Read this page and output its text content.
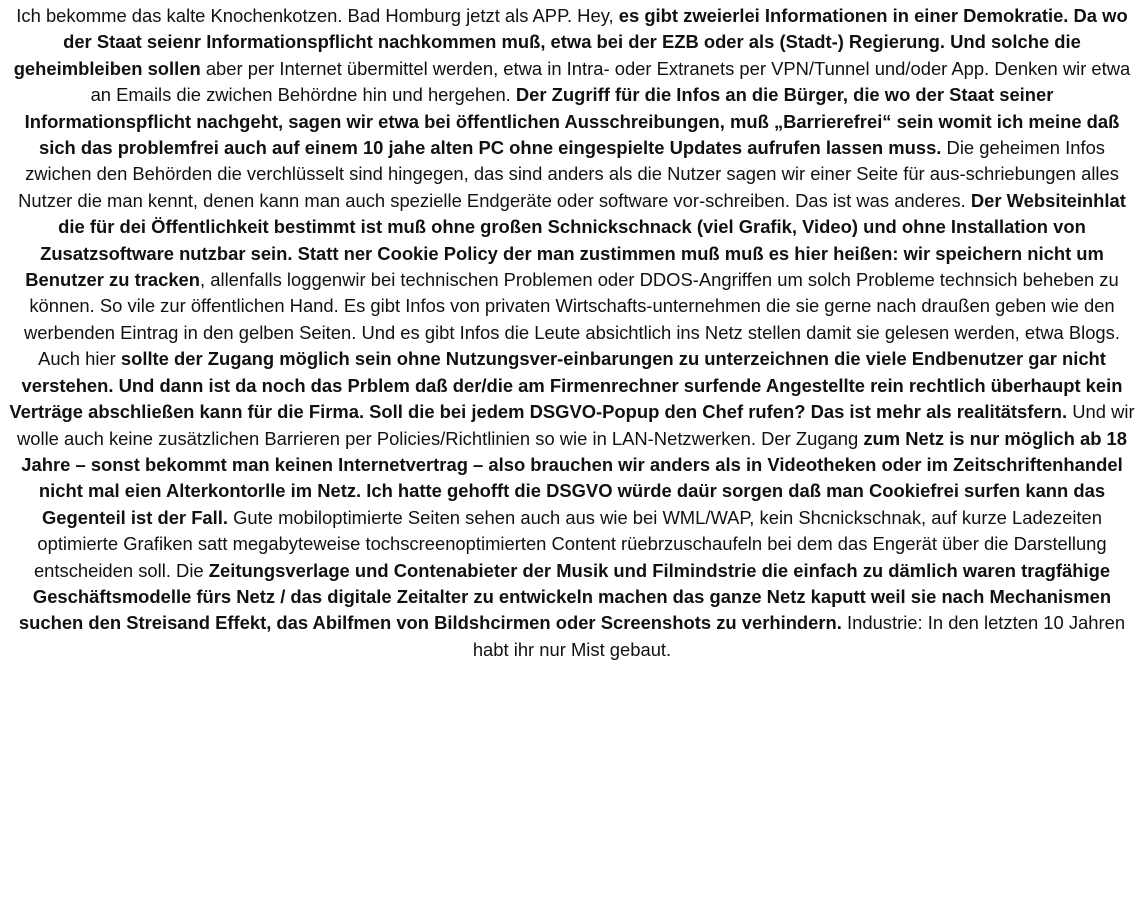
Ich bekomme das kalte Knochenkotzen. Bad Homburg jetzt als APP. Hey, es gibt zweierlei Informationen in einer Demokratie. Da wo der Staat seienr Informationspflicht nachkommen muß, etwa bei der EZB oder als (Stadt-) Regierung. Und solche die geheimbleiben sollen aber per Internet übermittel werden, etwa in Intra- oder Extranets per VPN/Tunnel und/oder App. Denken wir etwa an Emails die zwichen Behördne hin und hergehen. Der Zugriff für die Infos an die Bürger, die wo der Staat seiner Informationspflicht nachgeht, sagen wir etwa bei öffentlichen Ausschreibungen, muß „Barrierefrei“ sein womit ich meine daß sich das problemfrei auch auf einem 10 jahe alten PC ohne eingespielte Updates aufrufen lassen muss. Die geheimen Infos zwichen den Behörden die verchlüsselt sind hingegen, das sind anders als die Nutzer sagen wir einer Seite für aus-schriebungen alles Nutzer die man kennt, denen kann man auch spezielle Endgeräte oder software vor-schreiben. Das ist was anderes. Der Websiteinhlat die für dei Öffentlichkeit bestimmt ist muß ohne großen Schnickschnack (viel Grafik, Video) und ohne Installation von Zusatzsoftware nutzbar sein. Statt ner Cookie Policy der man zustimmen muß muß es hier heißen: wir speichern nicht um Benutzer zu tracken, allenfalls loggenwir bei technischen Problemen oder DDOS-Angriffen um solch Probleme technsich beheben zu können. So vile zur öffentlichen Hand. Es gibt Infos von privaten Wirtschafts-unternehmen die sie gerne nach draußen geben wie den werbenden Eintrag in den gelben Seiten. Und es gibt Infos die Leute absichtlich ins Netz stellen damit sie gelesen werden, etwa Blogs. Auch hier sollte der Zugang möglich sein ohne Nutzungsver-einbarungen zu unterzeichnen die viele Endbenutzer gar nicht verstehen. Und dann ist da noch das Prblem daß der/die am Firmenrechner surfende Angestellte rein rechtlich überhaupt kein Verträge abschließen kann für die Firma. Soll die bei jedem DSGVO-Popup den Chef rufen? Das ist mehr als realitätsfern. Und wir wolle auch keine zusätzlichen Barrieren per Policies/Richtlinien so wie in LAN-Netzwerken. Der Zugang zum Netz is nur möglich ab 18 Jahre – sonst bekommt man keinen Internetvertrag – also brauchen wir anders als in Videotheken oder im Zeitschriftenhandel nicht mal eien Alterkontorlle im Netz. Ich hatte gehofft die DSGVO würde daür sorgen daß man Cookiefrei surfen kann das Gegenteil ist der Fall. Gute mobiloptimierte Seiten sehen auch aus wie bei WML/WAP, kein Shcnickschnak, auf kurze Ladezeiten optimierte Grafiken satt megabyteweise tochscreenoptimierten Content rüebrzuschaufeln bei dem das Engerät über die Darstellung entscheiden soll. Die Zeitungsverlage und Contenabieter der Musik und Filmindstrie die einfach zu dämlich waren tragfähige Geschäftsmodelle fürs Netz / das digitale Zeitalter zu entwickeln machen das ganze Netz kaputt weil sie nach Mechanismen suchen den Streisand Effekt, das Abilfmen von Bildshcirmen oder Screenshots zu verhindern. Industrie: In den letzten 10 Jahren habt ihr nur Mist gebaut.
